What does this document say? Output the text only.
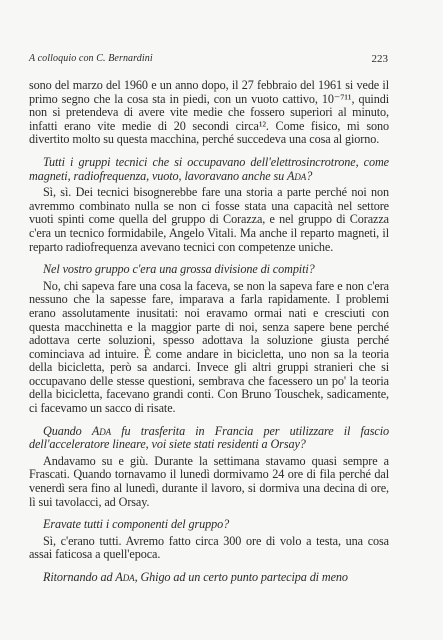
A colloquio con C. Bernardini	223

sono del marzo del 1960 e un anno dopo, il 27 febbraio del 1961 si vede il primo segno che la cosa sta in piedi, con un vuoto cattivo, 10⁻⁷¹¹, quindi non si pretendeva di avere vite medie che fossero superiori al minuto, infatti erano vite medie di 20 secondi circa¹². Come fisico, mi sono divertito molto su questa macchina, perché succedeva una cosa al giorno.

Tutti i gruppi tecnici che si occupavano dell'elettrosincrotrone, come magneti, radiofrequenza, vuoto, lavoravano anche su Ada?

Sì, sì. Dei tecnici bisognerebbe fare una storia a parte perché noi non avremmo combinato nulla se non ci fosse stata una capacità nel settore vuoti spinti come quella del gruppo di Corazza, e nel gruppo di Corazza c'era un tecnico formidabile, Angelo Vitali. Ma anche il reparto magneti, il reparto radiofrequenza avevano tecnici con competenze uniche.

Nel vostro gruppo c'era una grossa divisione di compiti?

No, chi sapeva fare una cosa la faceva, se non la sapeva fare e non c'era nessuno che la sapesse fare, imparava a farla rapidamente. I problemi erano assolutamente inusitati: noi eravamo ormai nati e cresciuti con questa macchinetta e la maggior parte di noi, senza sapere bene perché adottava certe soluzioni, spesso adottava la soluzione giusta perché cominciava ad intuire. È come andare in bicicletta, uno non sa la teoria della bicicletta, però sa andarci. Invece gli altri gruppi stranieri che si occupavano delle stesse questioni, sembrava che facessero un po' la teoria della bicicletta, facevano grandi conti. Con Bruno Touschek, sadicamente, ci facevamo un sacco di risate.

Quando Ada fu trasferita in Francia per utilizzare il fascio dell'acceleratore lineare, voi siete stati residenti a Orsay?

Andavamo su e giù. Durante la settimana stavamo quasi sempre a Frascati. Quando tornavamo il lunedì dormivamo 24 ore di fila perché dal venerdì sera fino al lunedì, durante il lavoro, si dormiva una decina di ore, lì sui tavolacci, ad Orsay.

Eravate tutti i componenti del gruppo?

Sì, c'erano tutti. Avremo fatto circa 300 ore di volo a testa, una cosa assai faticosa a quell'epoca.

Ritornando ad Ada, Ghigo ad un certo punto partecipa di meno
